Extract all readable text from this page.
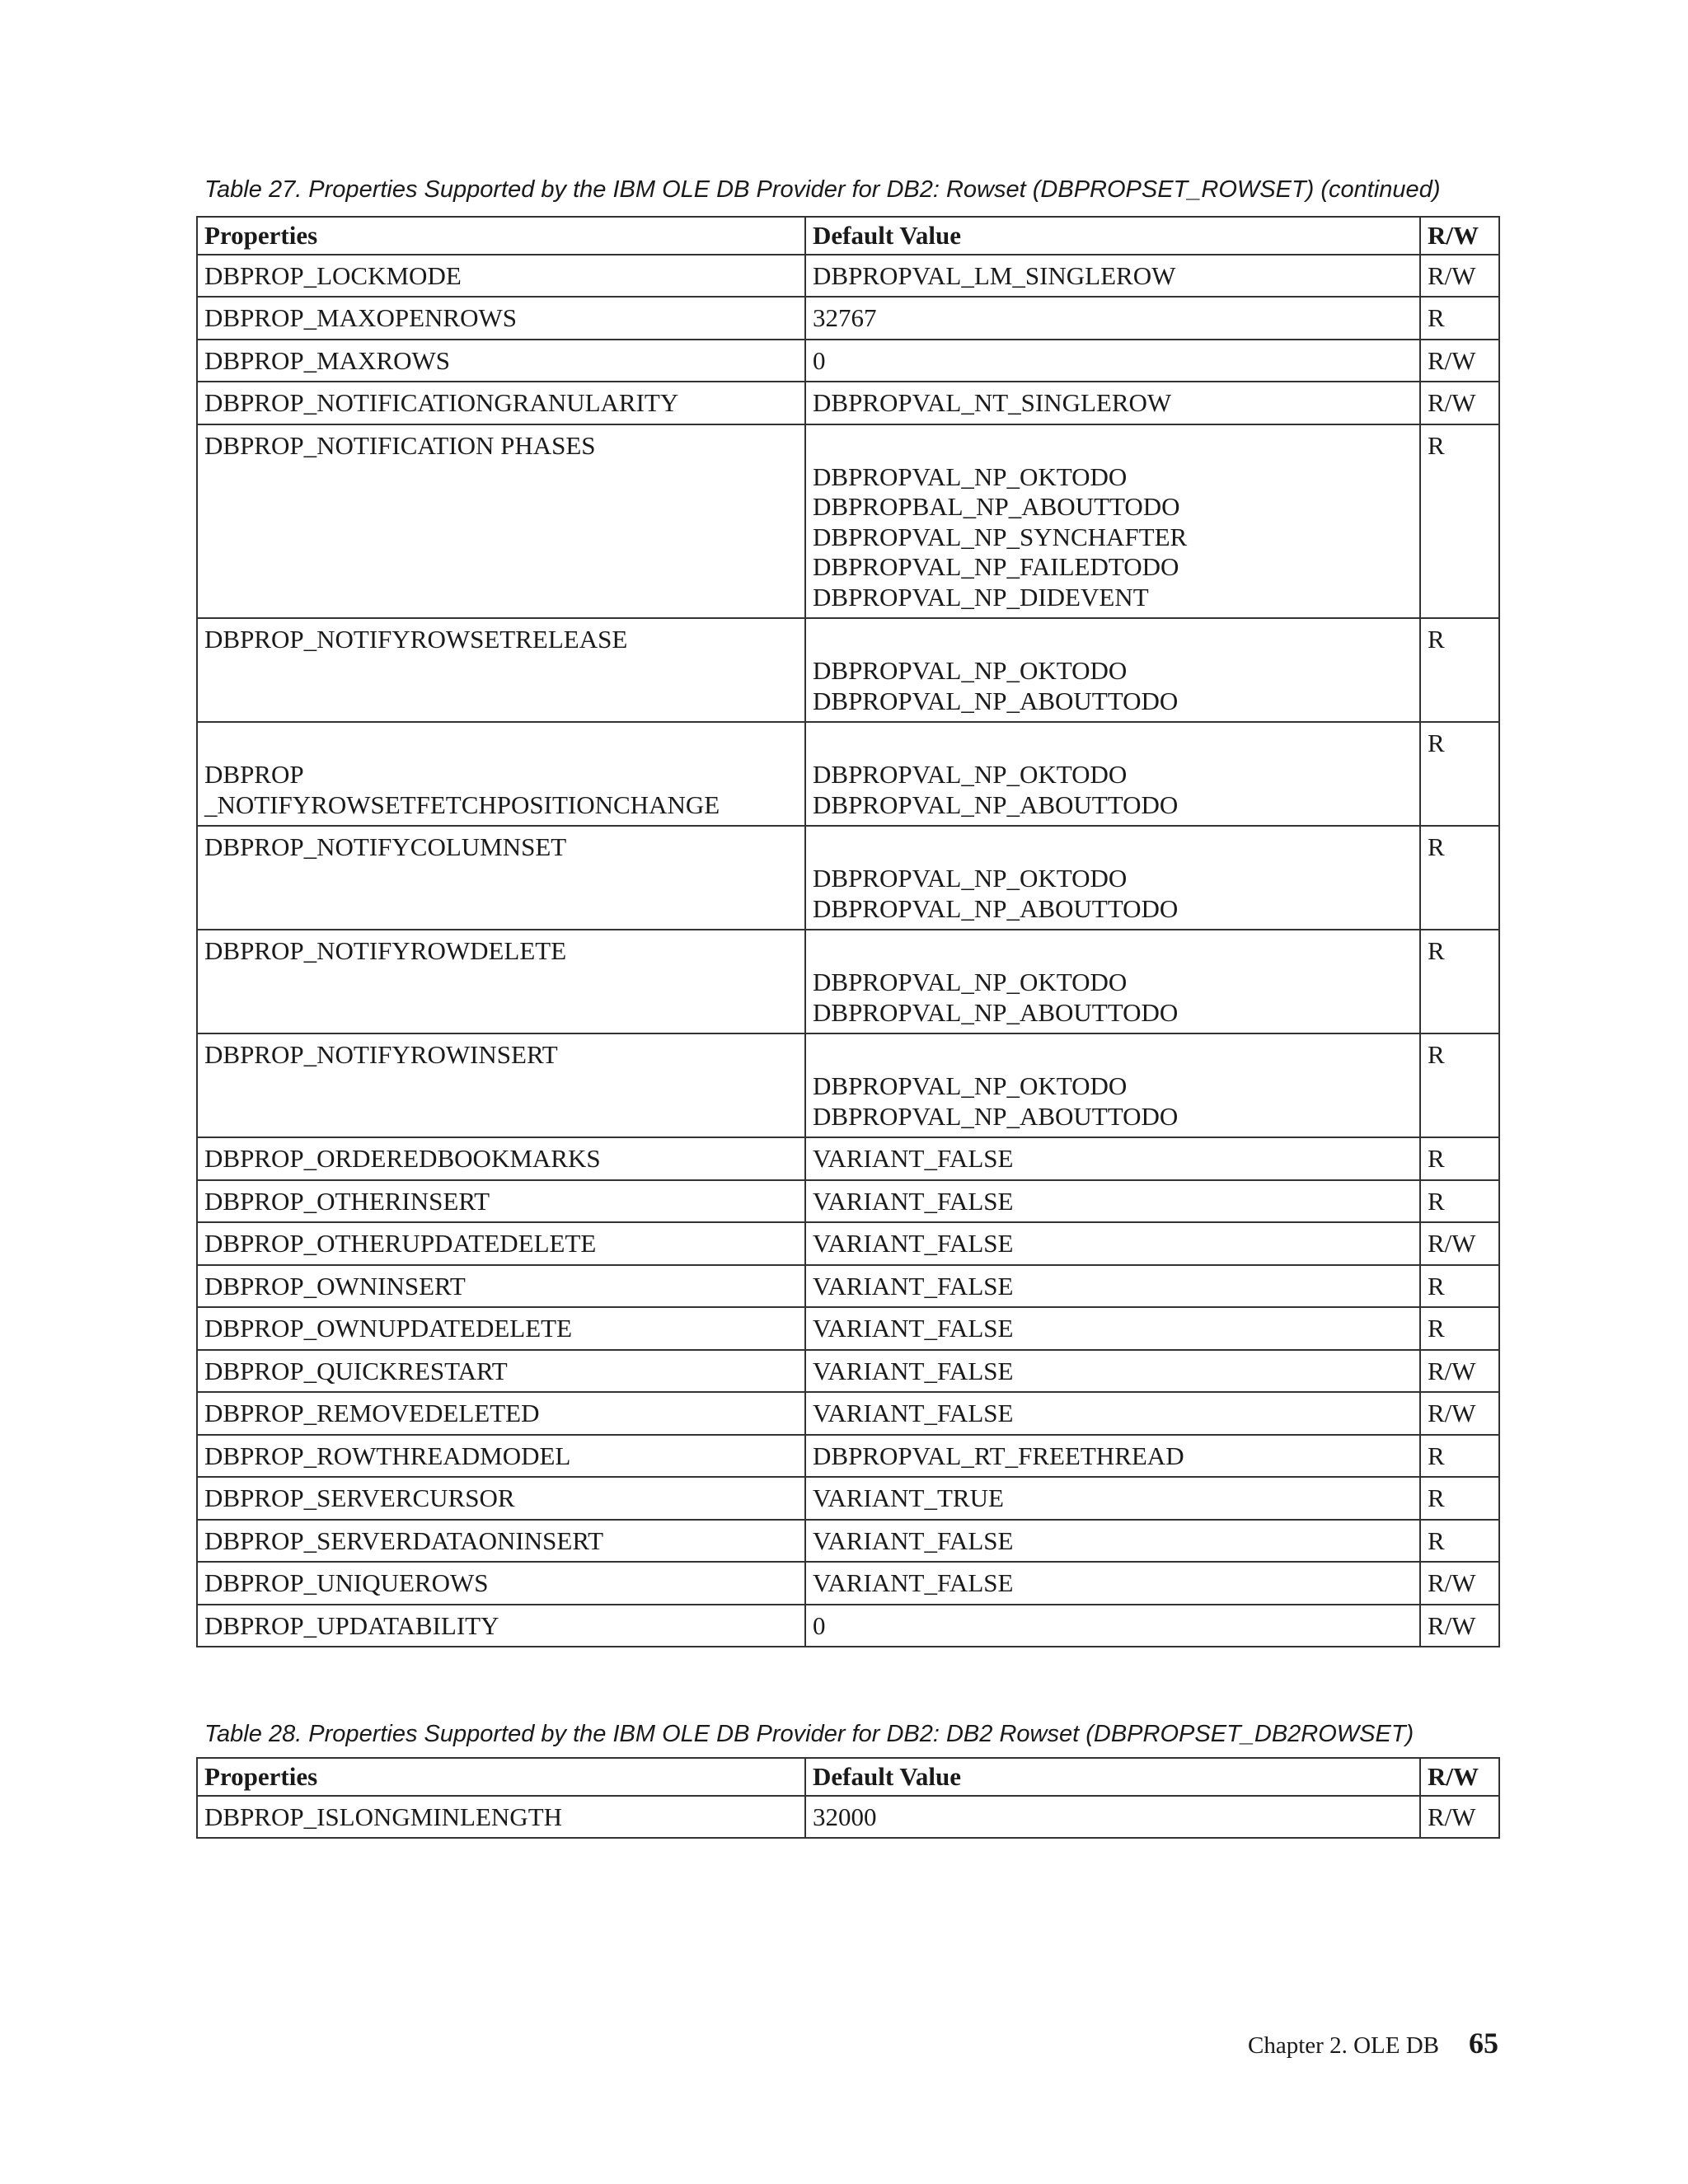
Table 27. Properties Supported by the IBM OLE DB Provider for DB2: Rowset (DBPROPSET_ROWSET) (continued)
Properties	Default Value	R/W
DBPROP_LOCKMODE	DBPROPVAL_LM_SINGLEROW	R/W
DBPROP_MAXOPENROWS	32767	R
DBPROP_MAXROWS	0	R/W
DBPROP_NOTIFICATIONGRANULARITY	DBPROPVAL_NT_SINGLEROW	R/W
DBPROP_NOTIFICATION PHASES	DBPROPVAL_NP_OKTODO
DBPROPBAL_NP_ABOUTTODO
DBPROPVAL_NP_SYNCHAFTER
DBPROPVAL_NP_FAILEDTODO
DBPROPVAL_NP_DIDEVENT	R
DBPROP_NOTIFYROWSETRELEASE	DBPROPVAL_NP_OKTODO
DBPROPVAL_NP_ABOUTTODO	R

DBPROP
_NOTIFYROWSETFETCHPOSITIONCHANGE	DBPROPVAL_NP_OKTODO
DBPROPVAL_NP_ABOUTTODO	R
DBPROP_NOTIFYCOLUMNSET	DBPROPVAL_NP_OKTODO
DBPROPVAL_NP_ABOUTTODO	R
DBPROP_NOTIFYROWDELETE	DBPROPVAL_NP_OKTODO
DBPROPVAL_NP_ABOUTTODO	R
DBPROP_NOTIFYROWINSERT	DBPROPVAL_NP_OKTODO
DBPROPVAL_NP_ABOUTTODO	R
DBPROP_ORDEREDBOOKMARKS	VARIANT_FALSE	R
DBPROP_OTHERINSERT	VARIANT_FALSE	R
DBPROP_OTHERUPDATEDELETE	VARIANT_FALSE	R/W
DBPROP_OWNINSERT	VARIANT_FALSE	R
DBPROP_OWNUPDATEDELETE	VARIANT_FALSE	R
DBPROP_QUICKRESTART	VARIANT_FALSE	R/W
DBPROP_REMOVEDELETED	VARIANT_FALSE	R/W
DBPROP_ROWTHREADMODEL	DBPROPVAL_RT_FREETHREAD	R
DBPROP_SERVERCURSOR	VARIANT_TRUE	R
DBPROP_SERVERDATAONINSERT	VARIANT_FALSE	R
DBPROP_UNIQUEROWS	VARIANT_FALSE	R/W
DBPROP_UPDATABILITY	0	R/W
Table 28. Properties Supported by the IBM OLE DB Provider for DB2: DB2 Rowset (DBPROPSET_DB2ROWSET)
Properties	Default Value	R/W
DBPROP_ISLONGMINLENGTH	32000	R/W
Chapter 2. OLE DB 65
